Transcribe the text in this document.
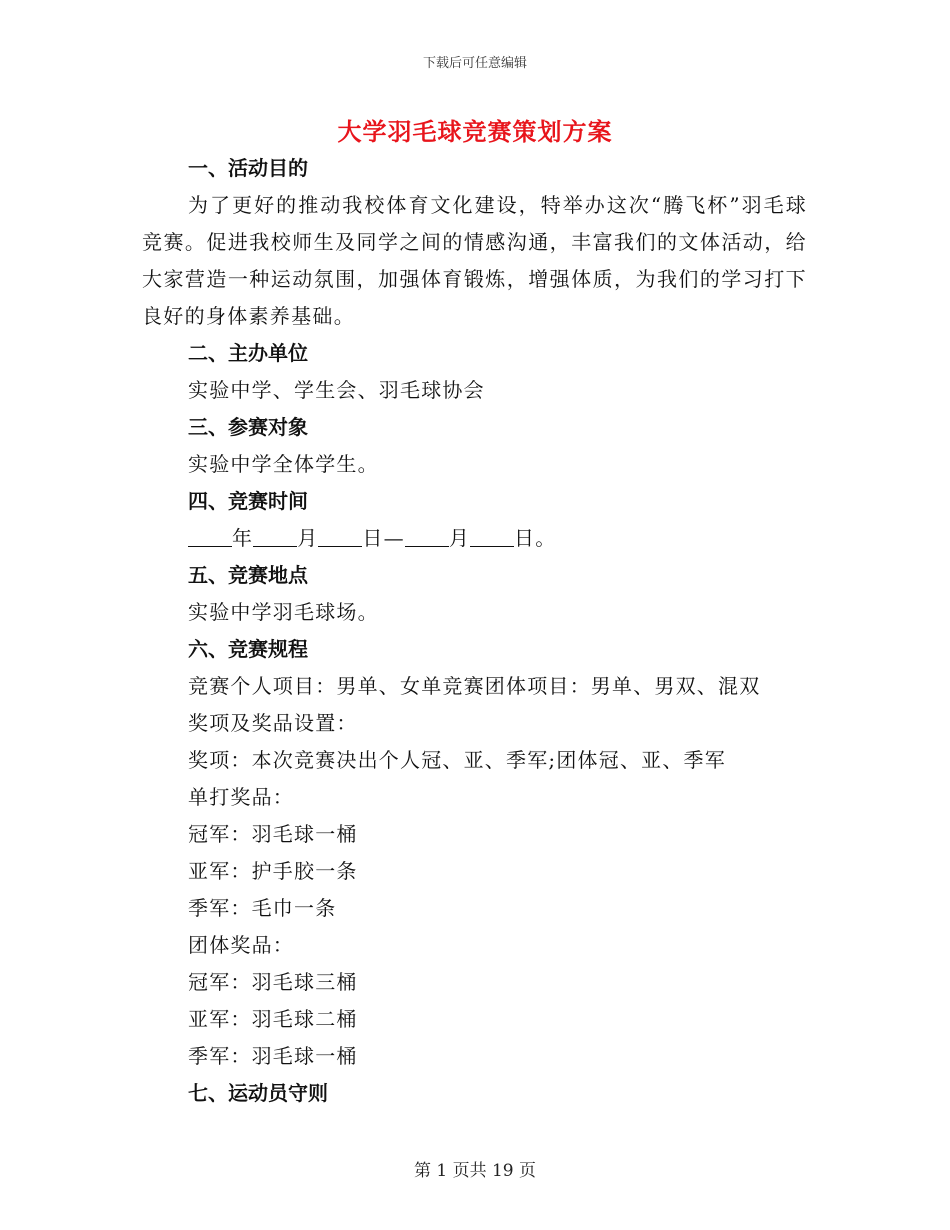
下载后可任意编辑
大学羽毛球竞赛策划方案

一、活动目的

为了更好的推动我校体育文化建设，特举办这次“腾飞杯”羽毛球竞赛。促进我校师生及同学之间的情感沟通，丰富我们的文体活动，给大家营造一种运动氛围，加强体育锻炼，增强体质，为我们的学习打下良好的身体素养基础。

二、主办单位

实验中学、学生会、羽毛球协会

三、参赛对象

实验中学全体学生。

四、竞赛时间

年 月 日— 月 日。

五、竞赛地点

实验中学羽毛球场。

六、竞赛规程

竞赛个人项目：男单、女单竞赛团体项目：男单、男双、混双

奖项及奖品设置：

奖项：本次竞赛决出个人冠、亚、季军;团体冠、亚、季军

单打奖品：

冠军：羽毛球一桶

亚军：护手胶一条

季军：毛巾一条

团体奖品：

冠军：羽毛球三桶

亚军：羽毛球二桶

季军：羽毛球一桶

七、运动员守则

第 1 页共 19 页
